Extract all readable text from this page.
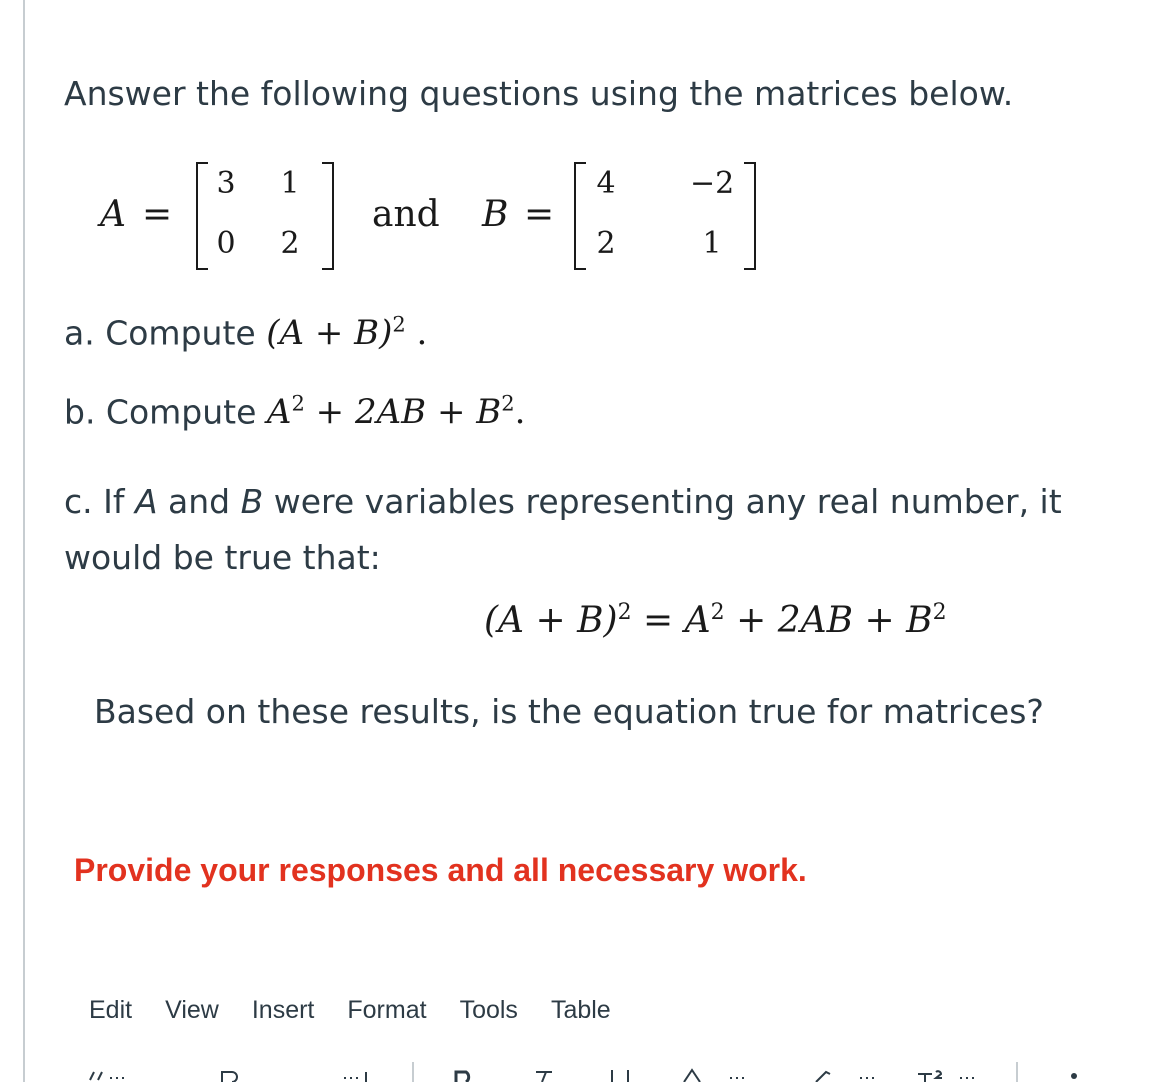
Answer the following questions using the matrices below.
A =
3	1
0	2
and B =
4	−2
2	1
a. Compute $(A + B)^2$ .
b. Compute $A^2 + 2AB + B^2$.
c. If A and B were variables representing any real number, it would be true that:
$(A + B)^2 = A^2 + 2AB + B^2$
Based on these results, is the equation true for matrices?
Provide your responses and all necessary work.
Edit View Insert Format Tools Table
